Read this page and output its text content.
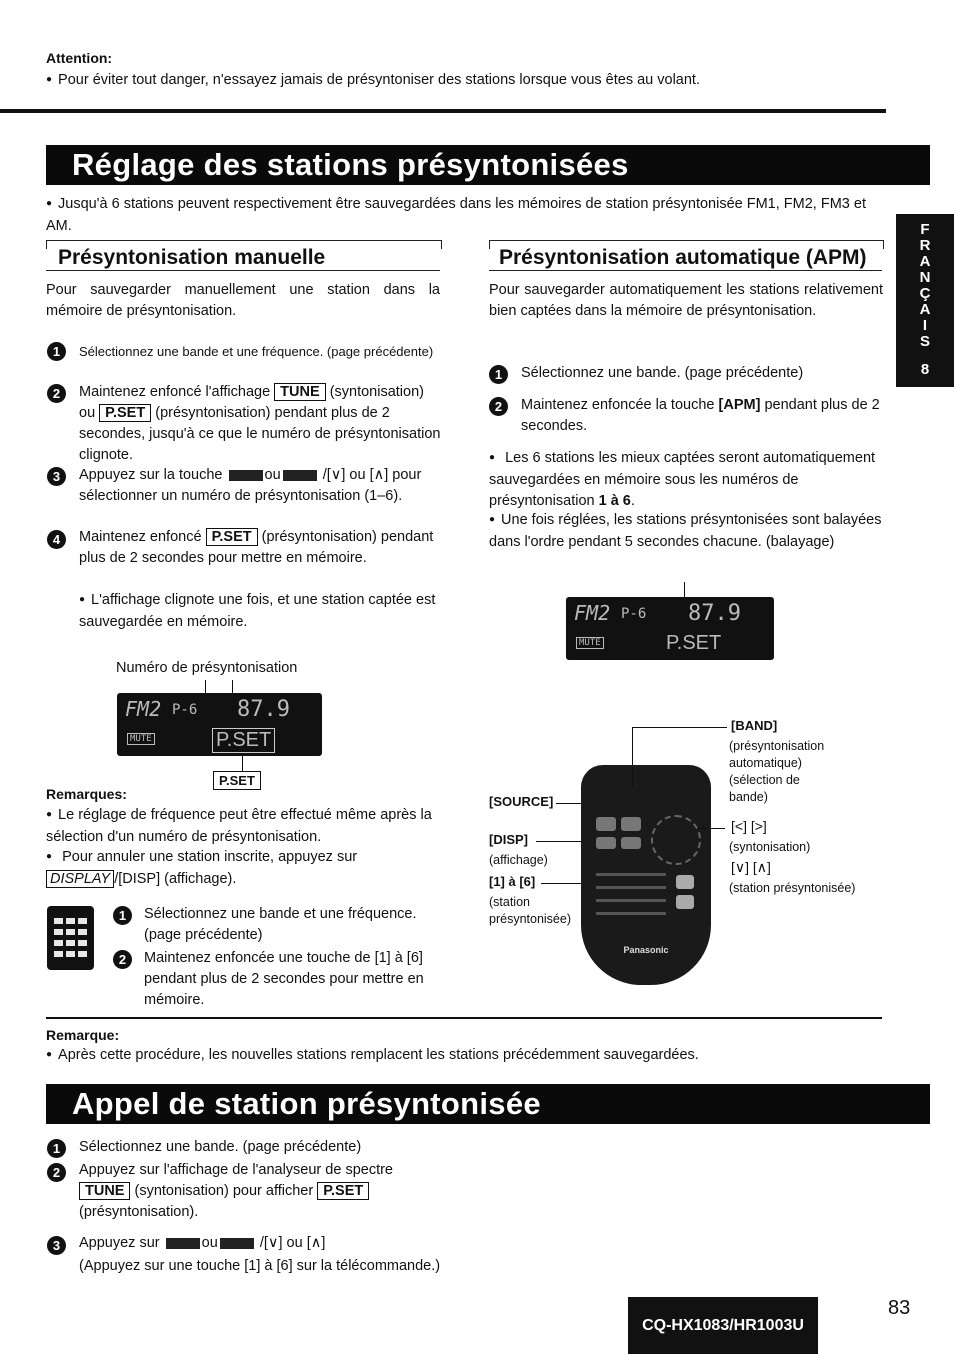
Attention:
● Pour éviter tout danger, n'essayez jamais de présyntoniser des stations lorsque vous êtes au volant.
Réglage des stations présyntonisées
● Jusqu'à 6 stations peuvent respectivement être sauvegardées dans les mémoires de station présyntonisée FM1, FM2, FM3 et AM.	F
R
A
N
Ç
A
I
S
8
Présyntonisation manuelle
Pour sauvegarder manuellement une station dans la mémoire de présyntonisation.
1	Sélectionnez une bande et une fréquence. (page précédente)
2	Maintenez enfoncé l'affichage TUNE (syntonisation) ou P.SET (présyntonisation) pendant plus de 2 secondes, jusqu'à ce que le numéro de présyntonisation clignote.
3	Appuyez sur la touche	ou	/[∨] ou [∧] pour sélectionner un numéro de présyntonisation (1–6).
4	Maintenez enfoncé P.SET (présyntonisation) pendant plus de 2 secondes pour mettre en mémoire.
● L'affichage clignote une fois, et une station captée est sauvegardée en mémoire.
Numéro de présyntonisation
FM2 P-6 87.9
MUTE	P.SET
P.SET
Remarques:
● Le réglage de fréquence peut être effectué même après la sélection d'un numéro de présyntonisation.
● Pour annuler une station inscrite, appuyez sur DISPLAY /[DISP] (affichage).
1	Sélectionnez une bande et une fréquence. (page précédente)
2	Maintenez enfoncée une touche de [1] à [6] pendant plus de 2 secondes pour mettre en mémoire.
Présyntonisation automatique (APM)
Pour sauvegarder automatiquement les stations relativement bien captées dans la mémoire de présyntonisation.
1	Sélectionnez une bande. (page précédente)
2	Maintenez enfoncée la touche [APM] pendant plus de 2 secondes.
● Les 6 stations les mieux captées seront automatiquement sauvegardées en mémoire sous les numéros de présyntonisation 1 à 6.
● Une fois réglées, les stations présyntonisées sont balayées dans l'ordre pendant 5 secondes chacune. (balayage)
FM2 P-6 87.9
MUTE	P.SET
Panasonic
[BAND]
(présyntonisation automatique) (sélection de bande)
[SOURCE]
[DISP]
(affichage)
[1] à [6]
(station présyntonisée)
[<] [>]
(syntonisation)
[∨] [∧]
(station présyntonisée)
Remarque:
● Après cette procédure, les nouvelles stations remplacent les stations précédemment sauvegardées.
Appel de station présyntonisée
1	Sélectionnez une bande. (page précédente)
2	Appuyez sur l'affichage de l'analyseur de spectre TUNE (syntonisation) pour afficher P.SET (présyntonisation).
3	Appuyez sur	ou	/[∨] ou [∧]
(Appuyez sur une touche [1] à [6] sur la télécommande.)
CQ-HX1083/HR1003U
83
